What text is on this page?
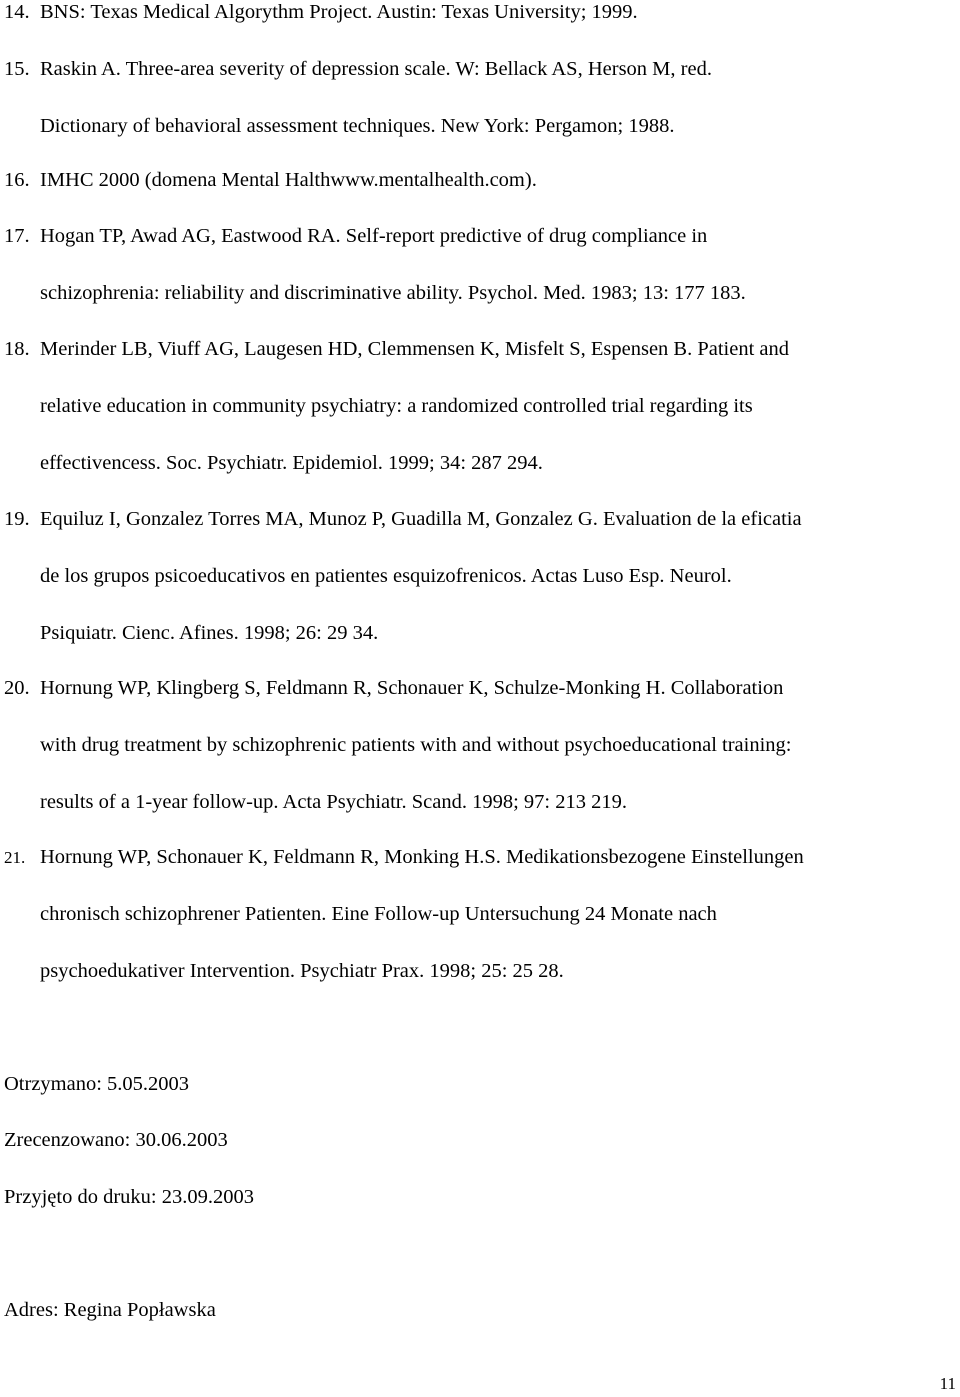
14. BNS: Texas Medical Algorythm Project. Austin: Texas University; 1999.
15. Raskin A. Three-area severity of depression scale. W: Bellack AS, Herson M, red.
Dictionary of behavioral assessment techniques. New York: Pergamon; 1988.
16. IMHC 2000 (domena Mental Halthwww.mentalhealth.com).
17. Hogan TP, Awad AG, Eastwood RA. Self-report predictive of drug compliance in
schizophrenia: reliability and discriminative ability. Psychol. Med. 1983; 13: 177 183.
18. Merinder LB, Viuff AG, Laugesen HD, Clemmensen K, Misfelt S, Espensen B. Patient and
relative education in community psychiatry: a randomized controlled trial regarding its
effectivencess. Soc. Psychiatr. Epidemiol. 1999; 34: 287 294.
19. Equiluz I, Gonzalez Torres MA, Munoz P, Guadilla M, Gonzalez G. Evaluation de la eficatia
de los grupos psicoeducativos en patientes esquizofrenicos. Actas Luso Esp. Neurol.
Psiquiatr. Cienc. Afines. 1998; 26: 29 34.
20. Hornung WP, Klingberg S, Feldmann R, Schonauer K, Schulze-Monking H. Collaboration
with drug treatment by schizophrenic patients with and without psychoeducational training:
results of a 1-year follow-up. Acta Psychiatr. Scand. 1998; 97: 213 219.
21. Hornung WP, Schonauer K, Feldmann R, Monking H.S. Medikationsbezogene Einstellungen
chronisch schizophrener Patienten. Eine Follow-up Untersuchung 24 Monate nach
psychoedukativer Intervention. Psychiatr Prax. 1998; 25: 25 28.
Otrzymano: 5.05.2003
Zrecenzowano: 30.06.2003
Przyjęto do druku: 23.09.2003
Adres: Regina Popławska
11
